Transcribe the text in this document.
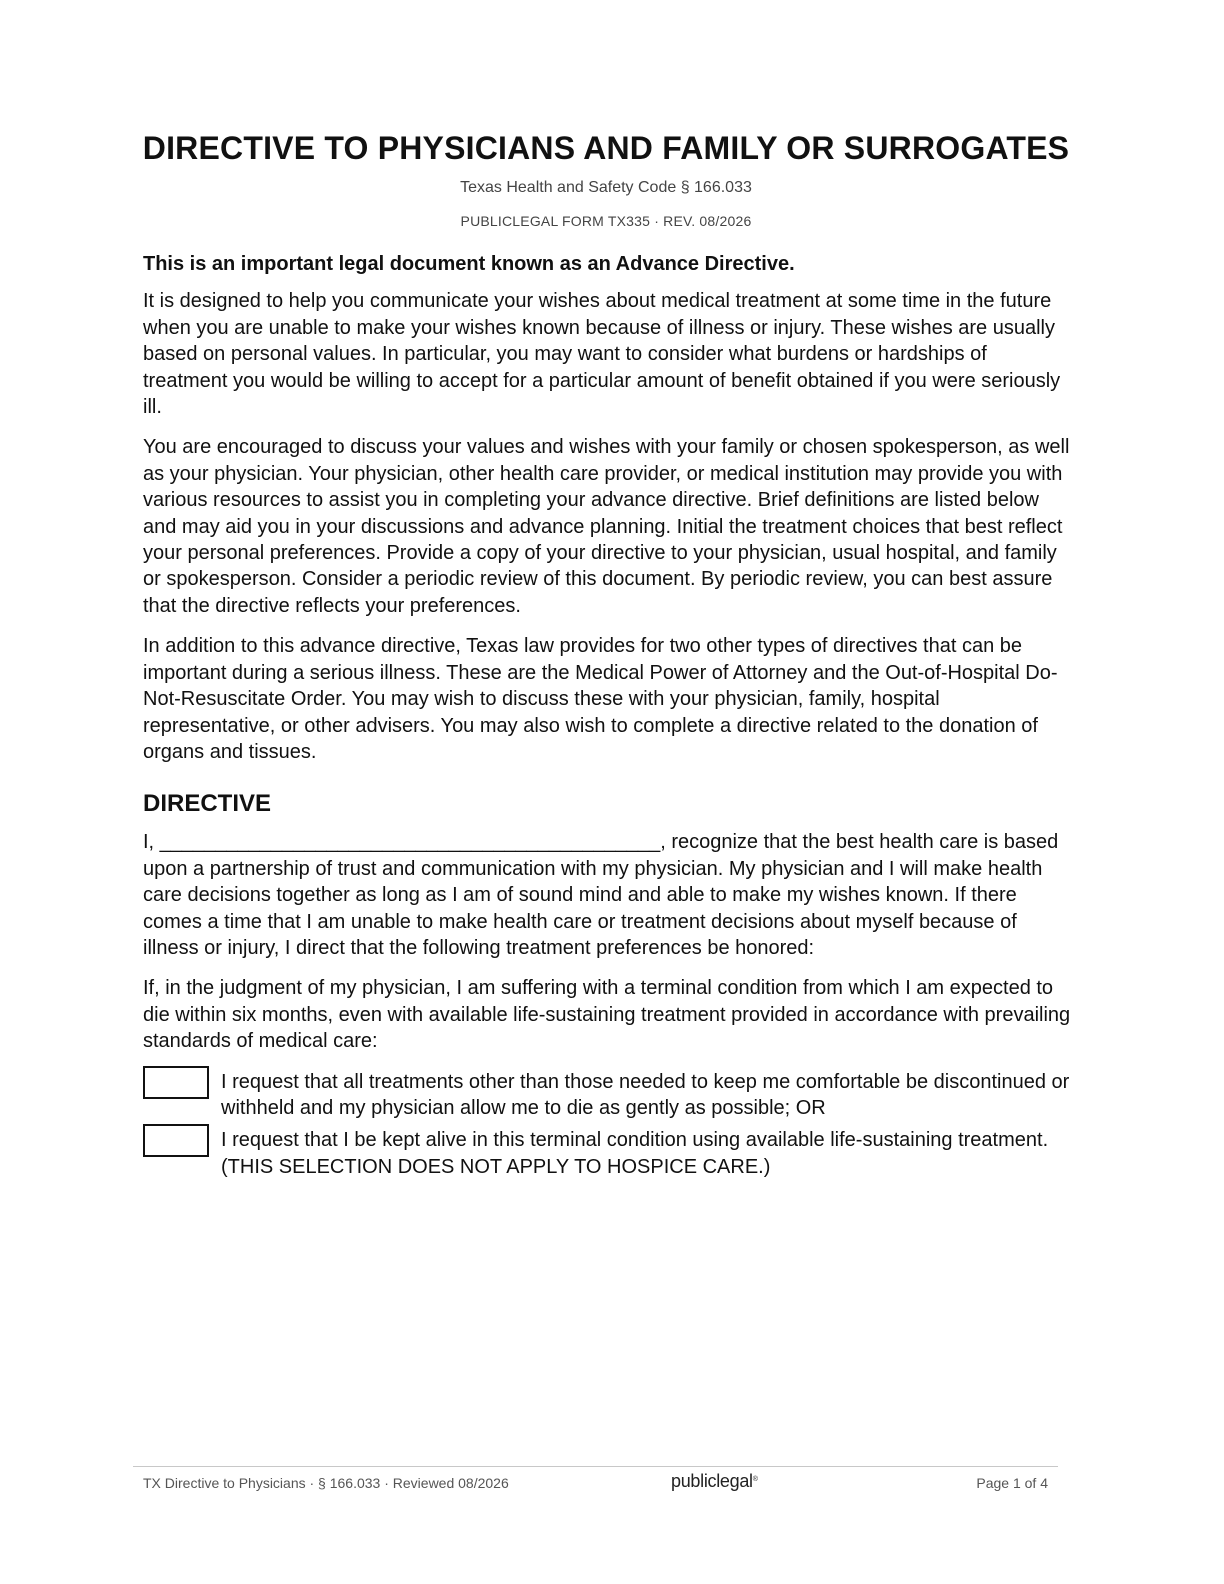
DIRECTIVE TO PHYSICIANS AND FAMILY OR SURROGATES
Texas Health and Safety Code § 166.033
PUBLICLEGAL FORM TX335 · REV. 08/2026

This is an important legal document known as an Advance Directive.

It is designed to help you communicate your wishes about medical treatment at some time in the future when you are unable to make your wishes known because of illness or injury. These wishes are usually based on personal values. In particular, you may want to consider what burdens or hardships of treatment you would be willing to accept for a particular amount of benefit obtained if you were seriously ill.

You are encouraged to discuss your values and wishes with your family or chosen spokesperson, as well as your physician. Your physician, other health care provider, or medical institution may provide you with various resources to assist you in completing your advance directive. Brief definitions are listed below and may aid you in your discussions and advance planning. Initial the treatment choices that best reflect your personal preferences. Provide a copy of your directive to your physician, usual hospital, and family or spokesperson. Consider a periodic review of this document. By periodic review, you can best assure that the directive reflects your preferences.

In addition to this advance directive, Texas law provides for two other types of directives that can be important during a serious illness. These are the Medical Power of Attorney and the Out-of-Hospital Do-Not-Resuscitate Order. You may wish to discuss these with your physician, family, hospital representative, or other advisers. You may also wish to complete a directive related to the donation of organs and tissues.

DIRECTIVE

I, _____________________________________________, recognize that the best health care is based upon a partnership of trust and communication with my physician. My physician and I will make health care decisions together as long as I am of sound mind and able to make my wishes known. If there comes a time that I am unable to make health care or treatment decisions about myself because of illness or injury, I direct that the following treatment preferences be honored:

If, in the judgment of my physician, I am suffering with a terminal condition from which I am expected to die within six months, even with available life-sustaining treatment provided in accordance with prevailing standards of medical care:

I request that all treatments other than those needed to keep me comfortable be discontinued or withheld and my physician allow me to die as gently as possible; OR
I request that I be kept alive in this terminal condition using available life-sustaining treatment. (THIS SELECTION DOES NOT APPLY TO HOSPICE CARE.)
TX Directive to Physicians · § 166.033 · Reviewed 08/2026	publiclegal®	Page 1 of 4
